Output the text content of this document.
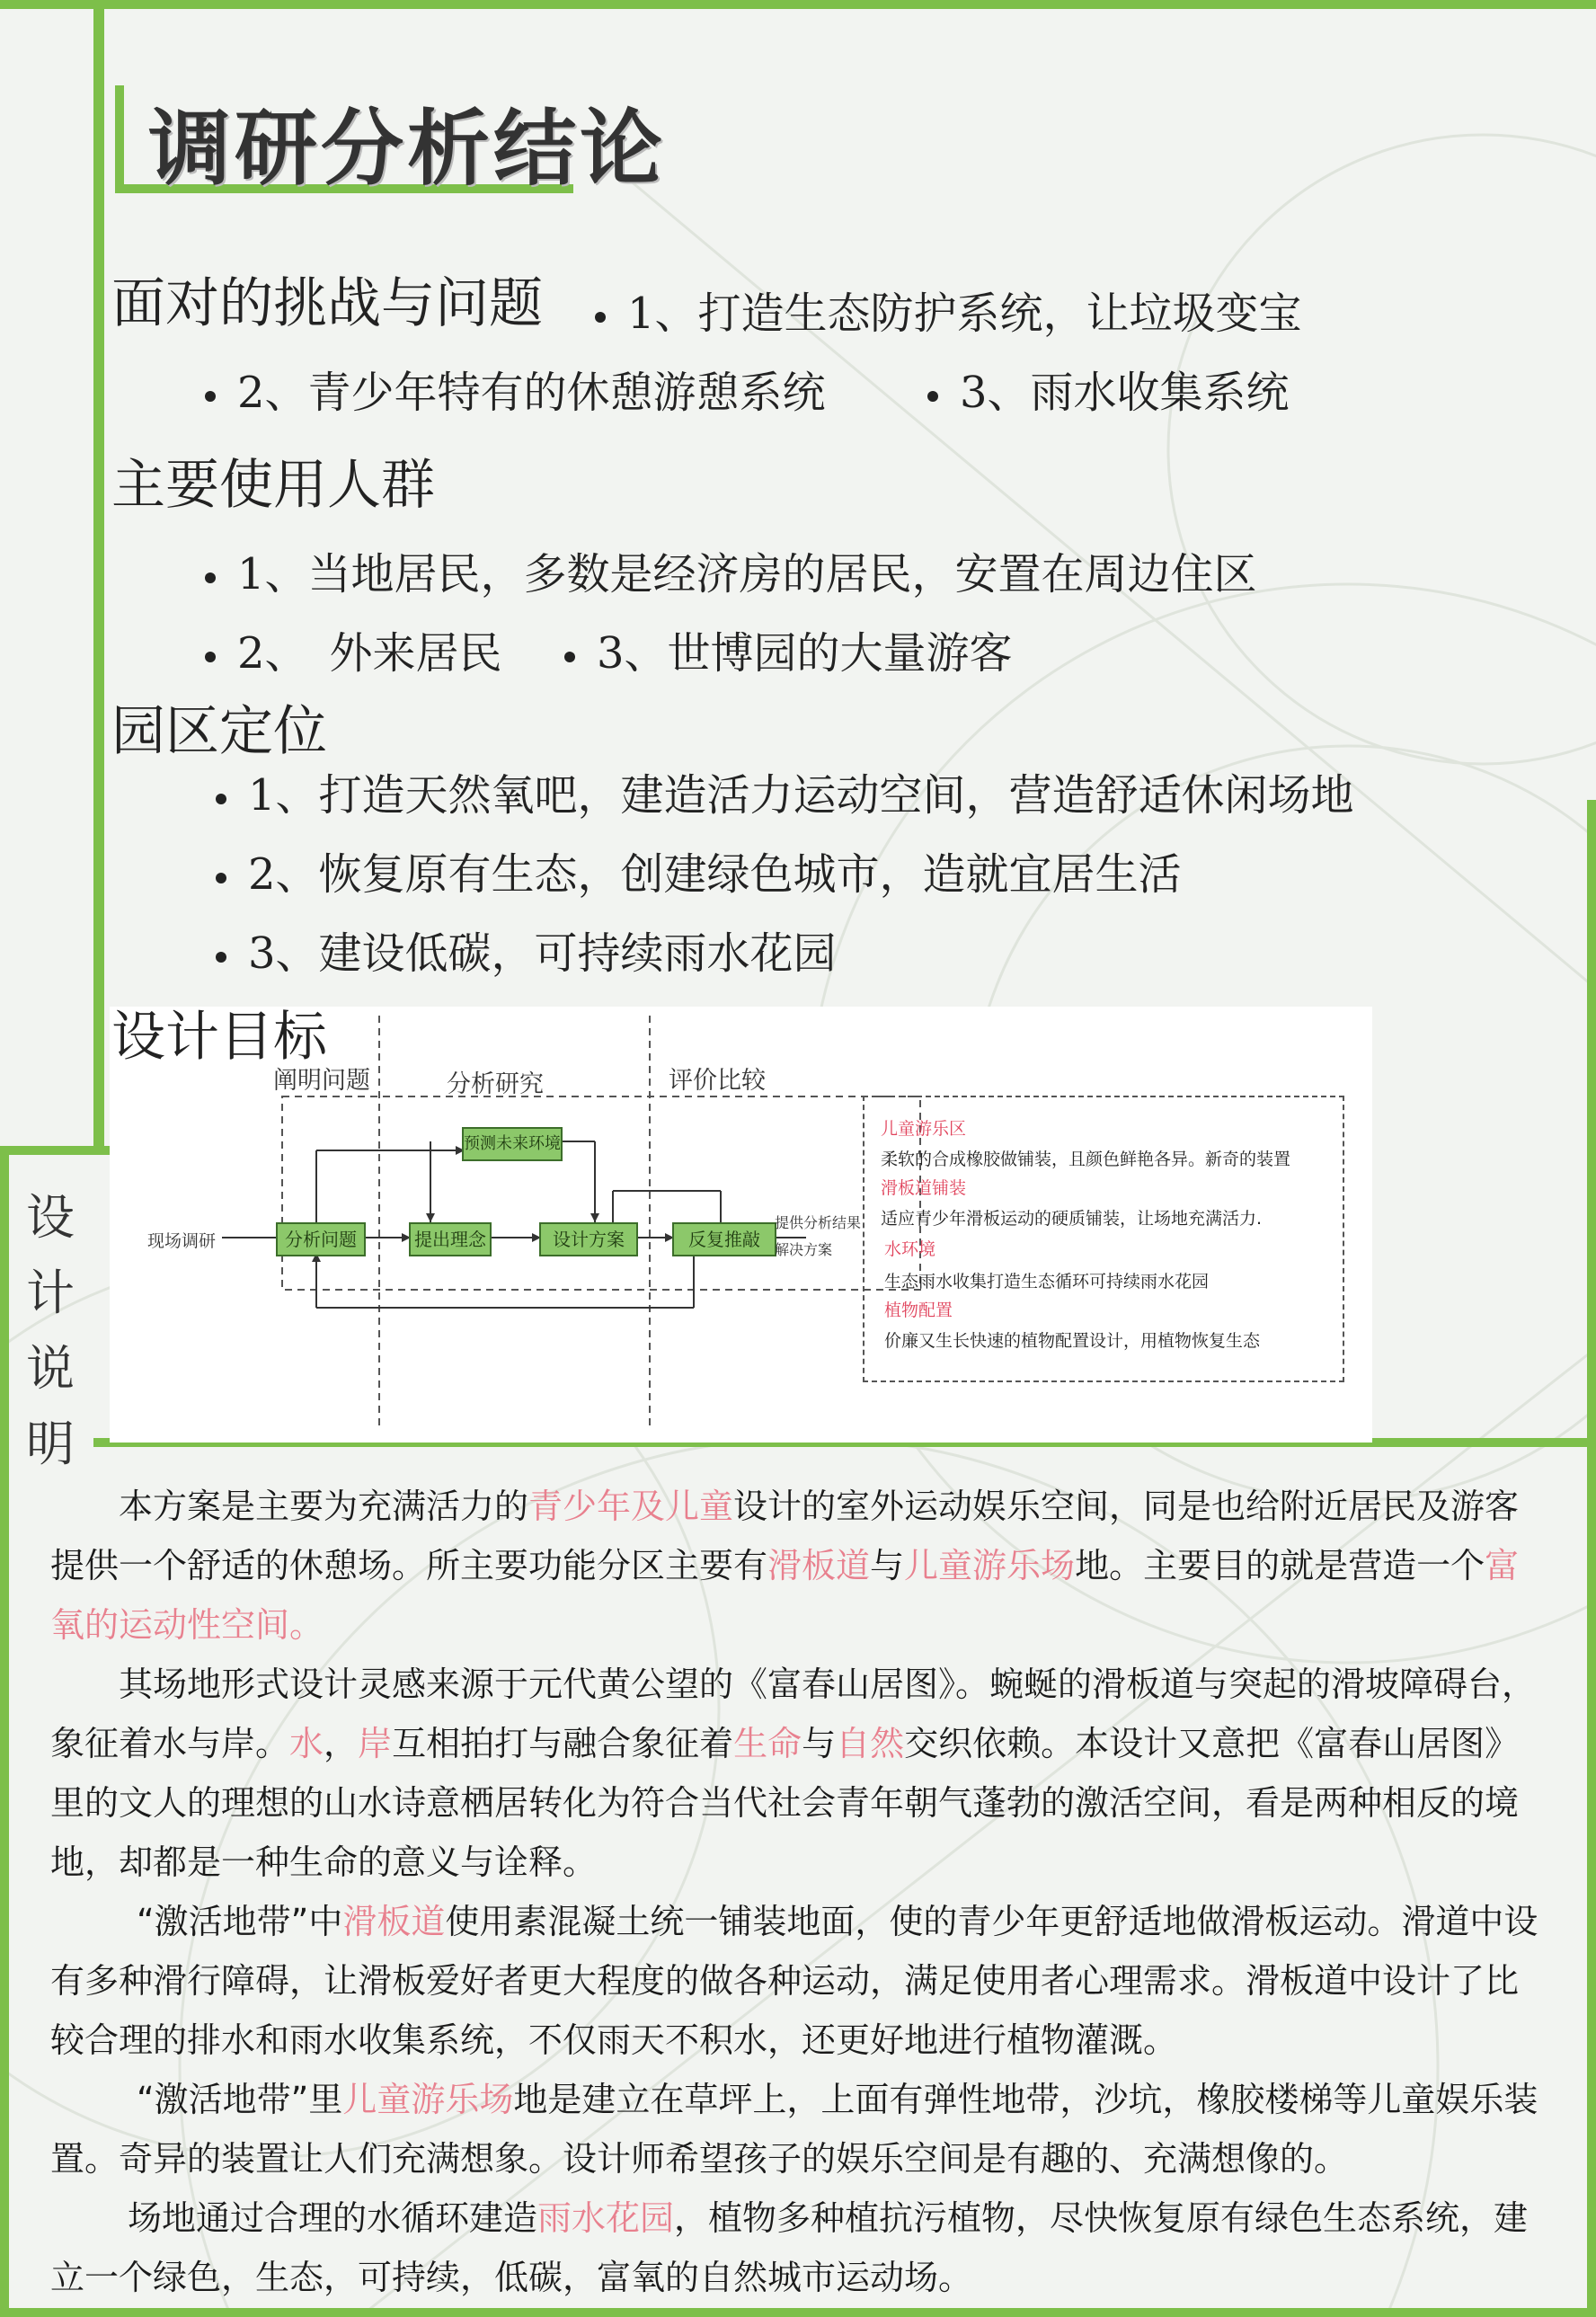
调研分析结论
面对的挑战与问题	1、打造生态防护系统，让垃圾变宝
2、青少年特有的休憩游憩系统	3、雨水收集系统
主要使用人群
1、当地居民，多数是经济房的居民，安置在周边住区
2、　外来居民	3、世博园的大量游客
园区定位
1、打造天然氧吧，建造活力运动空间，营造舒适休闲场地
2、恢复原有生态，创建绿色城市，造就宜居生活
3、建设低碳，可持续雨水花园
设计目标
阐明问题	分析研究	评价比较
现场调研	分析问题	提出理念	设计方案	反复推敲
预测未来环境
提供分析结果
解决方案
儿童游乐区
柔软的合成橡胶做铺装，且颜色鲜艳各异。新奇的装置
滑板道铺装
适应青少年滑板运动的硬质铺装，让场地充满活力.
水环境
生态雨水收集打造生态循环可持续雨水花园
植物配置
价廉又生长快速的植物配置设计，用植物恢复生态
设
计
说
明
本方案是主要为充满活力的青少年及儿童设计的室外运动娱乐空间，同是也给附近居民及游客提供一个舒适的休憩场。所主要功能分区主要有滑板道与儿童游乐场地。主要目的就是营造一个富氧的运动性空间。
其场地形式设计灵感来源于元代黄公望的《富春山居图》。蜿蜒的滑板道与突起的滑坡障碍台，象征着水与岸。水，岸互相拍打与融合象征着生命与自然交织依赖。本设计又意把《富春山居图》里的文人的理想的山水诗意栖居转化为符合当代社会青年朝气蓬勃的激活空间，看是两种相反的境地，却都是一种生命的意义与诠释。
“激活地带”中滑板道使用素混凝土统一铺装地面，使的青少年更舒适地做滑板运动。滑道中设有多种滑行障碍，让滑板爱好者更大程度的做各种运动，满足使用者心理需求。滑板道中设计了比较合理的排水和雨水收集系统，不仅雨天不积水，还更好地进行植物灌溉。
“激活地带”里儿童游乐场地是建立在草坪上，上面有弹性地带，沙坑，橡胶楼梯等儿童娱乐装置。奇异的装置让人们充满想象。设计师希望孩子的娱乐空间是有趣的、充满想像的。
场地通过合理的水循环建造雨水花园，植物多种植抗污植物，尽快恢复原有绿色生态系统，建立一个绿色，生态，可持续，低碳，富氧的自然城市运动场。
